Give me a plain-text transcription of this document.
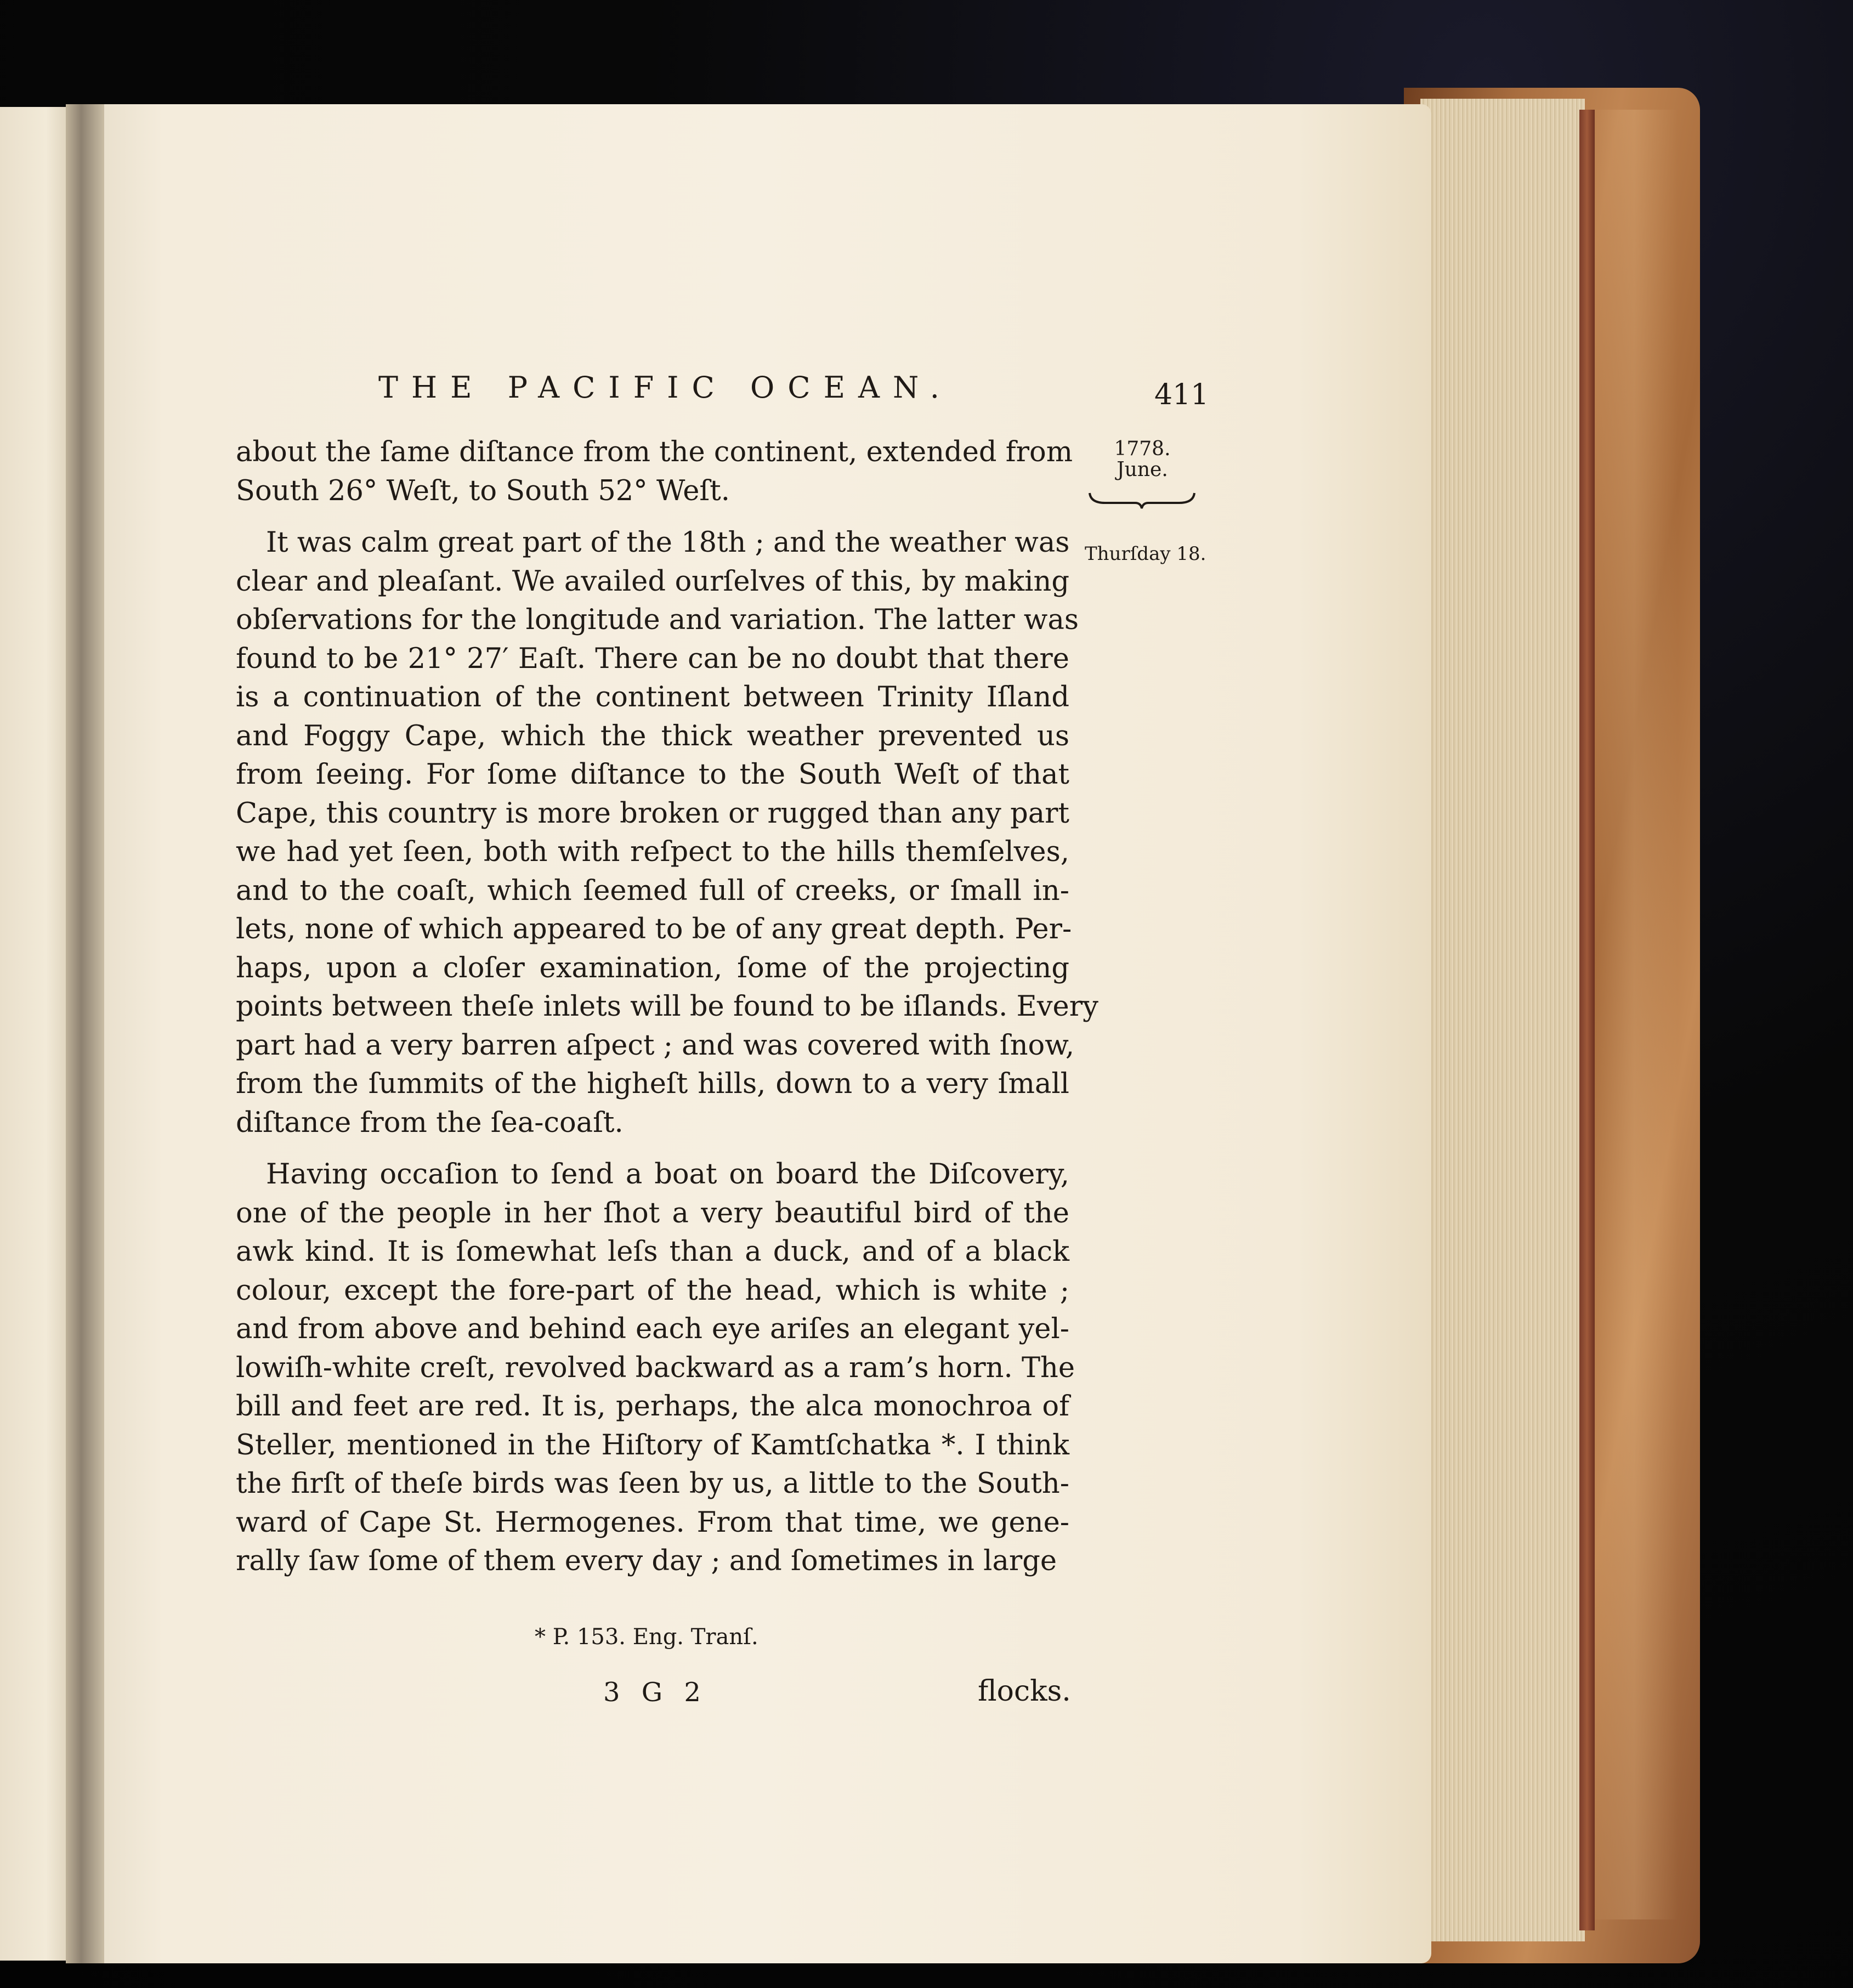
THE PACIFIC OCEAN.	411
1778.
June.
Thurſday 18.
about the ſame diſtance from the continent, extended from
South 26° Weſt, to South 52° Weſt.
It was calm great part of the 18th ; and the weather was
clear and pleaſant. We availed ourſelves of this, by making
obſervations for the longitude and variation. The latter was
found to be 21° 27′ Eaſt. There can be no doubt that there
is a continuation of the continent between Trinity Iſland
and Foggy Cape, which the thick weather prevented us
from ſeeing. For ſome diſtance to the South Weſt of that
Cape, this country is more broken or rugged than any part
we had yet ſeen, both with reſpect to the hills themſelves,
and to the coaſt, which ſeemed full of creeks, or ſmall in-
lets, none of which appeared to be of any great depth. Per-
haps, upon a cloſer examination, ſome of the projecting
points between theſe inlets will be found to be iſlands. Every
part had a very barren aſpect ; and was covered with ſnow,
from the ſummits of the higheſt hills, down to a very ſmall
diſtance from the ſea-coaſt.
Having occaſion to ſend a boat on board the Diſcovery,
one of the people in her ſhot a very beautiful bird of the
awk kind. It is ſomewhat leſs than a duck, and of a black
colour, except the fore-part of the head, which is white ;
and from above and behind each eye ariſes an elegant yel-
lowiſh-white creſt, revolved backward as a ram’s horn. The
bill and feet are red. It is, perhaps, the alca monochroa of
Steller, mentioned in the Hiſtory of Kamtſchatka *. I think
the firſt of theſe birds was ſeen by us, a little to the South-
ward of Cape St. Hermogenes. From that time, we gene-
rally ſaw ſome of them every day ; and ſometimes in large
* P. 153. Eng. Tranſ.
3 G 2	flocks.
